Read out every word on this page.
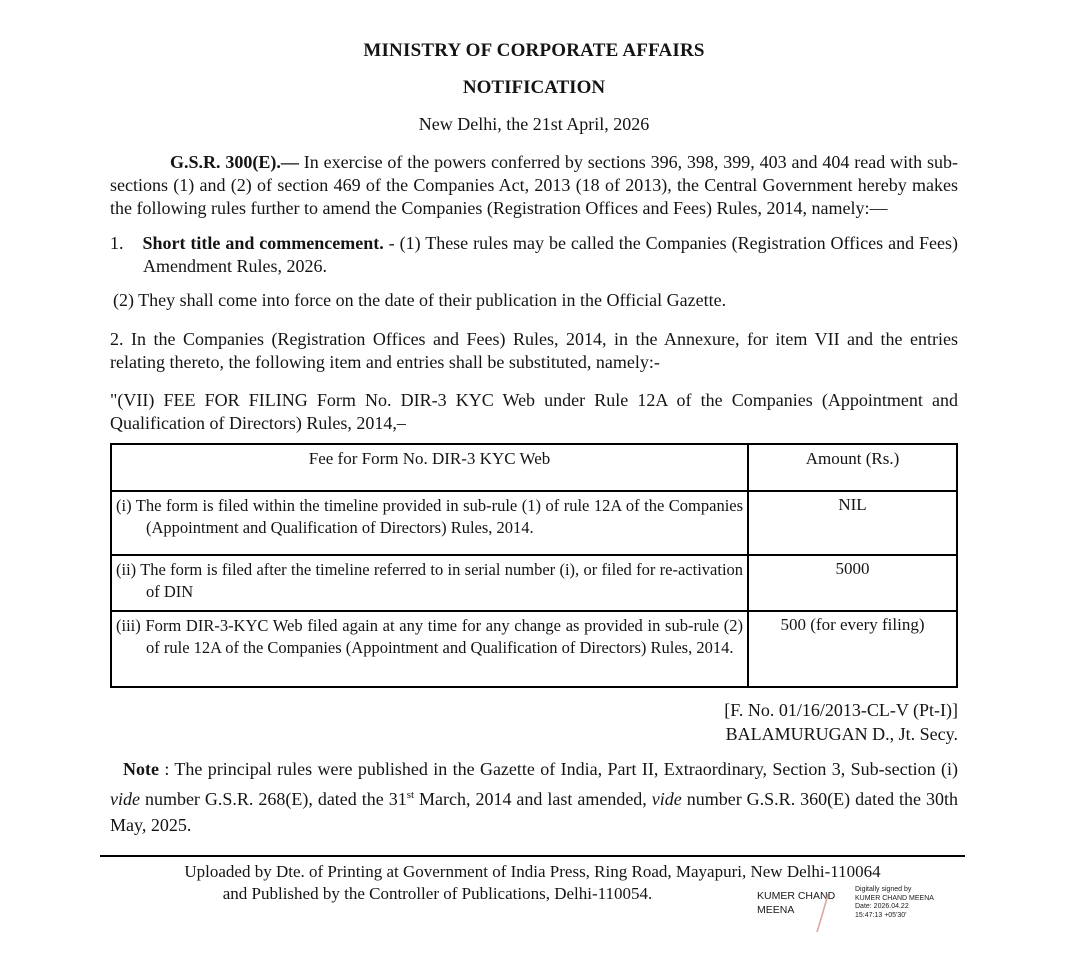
MINISTRY OF CORPORATE AFFAIRS
NOTIFICATION
New Delhi, the 21st April, 2026

G.S.R. 300(E).— In exercise of the powers conferred by sections 396, 398, 399, 403 and 404 read with sub-sections (1) and (2) of section 469 of the Companies Act, 2013 (18 of 2013), the Central Government hereby makes the following rules further to amend the Companies (Registration Offices and Fees) Rules, 2014, namely:—

1. Short title and commencement. - (1) These rules may be called the Companies (Registration Offices and Fees) Amendment Rules, 2026.

(2) They shall come into force on the date of their publication in the Official Gazette.

2. In the Companies (Registration Offices and Fees) Rules, 2014, in the Annexure, for item VII and the entries relating thereto, the following item and entries shall be substituted, namely:-

"(VII) FEE FOR FILING Form No. DIR-3 KYC Web under Rule 12A of the Companies (Appointment and Qualification of Directors) Rules, 2014,–

Fee for Form No. DIR-3 KYC Web	Amount (Rs.)

(i) The form is filed within the timeline provided in sub-rule (1) of rule 12A of the Companies (Appointment and Qualification of Directors) Rules, 2014.	NIL

(ii) The form is filed after the timeline referred to in serial number (i), or filed for re-activation of DIN	5000

(iii) Form DIR-3-KYC Web filed again at any time for any change as provided in sub-rule (2) of rule 12A of the Companies (Appointment and Qualification of Directors) Rules, 2014.	500 (for every filing)
[F. No. 01/16/2013-CL-V (Pt-I)]
BALAMURUGAN D., Jt. Secy.

Note : The principal rules were published in the Gazette of India, Part II, Extraordinary, Section 3, Sub-section (i) vide number G.S.R. 268(E), dated the 31st March, 2014 and last amended, vide number G.S.R. 360(E) dated the 30th May, 2025.

Uploaded by Dte. of Printing at Government of India Press, Ring Road, Mayapuri, New Delhi-110064
and Published by the Controller of Publications, Delhi-110054.	KUMER CHAND MEENA
Digitally signed by
KUMER CHAND MEENA
Date: 2026.04.22
15:47:13 +05'30'
